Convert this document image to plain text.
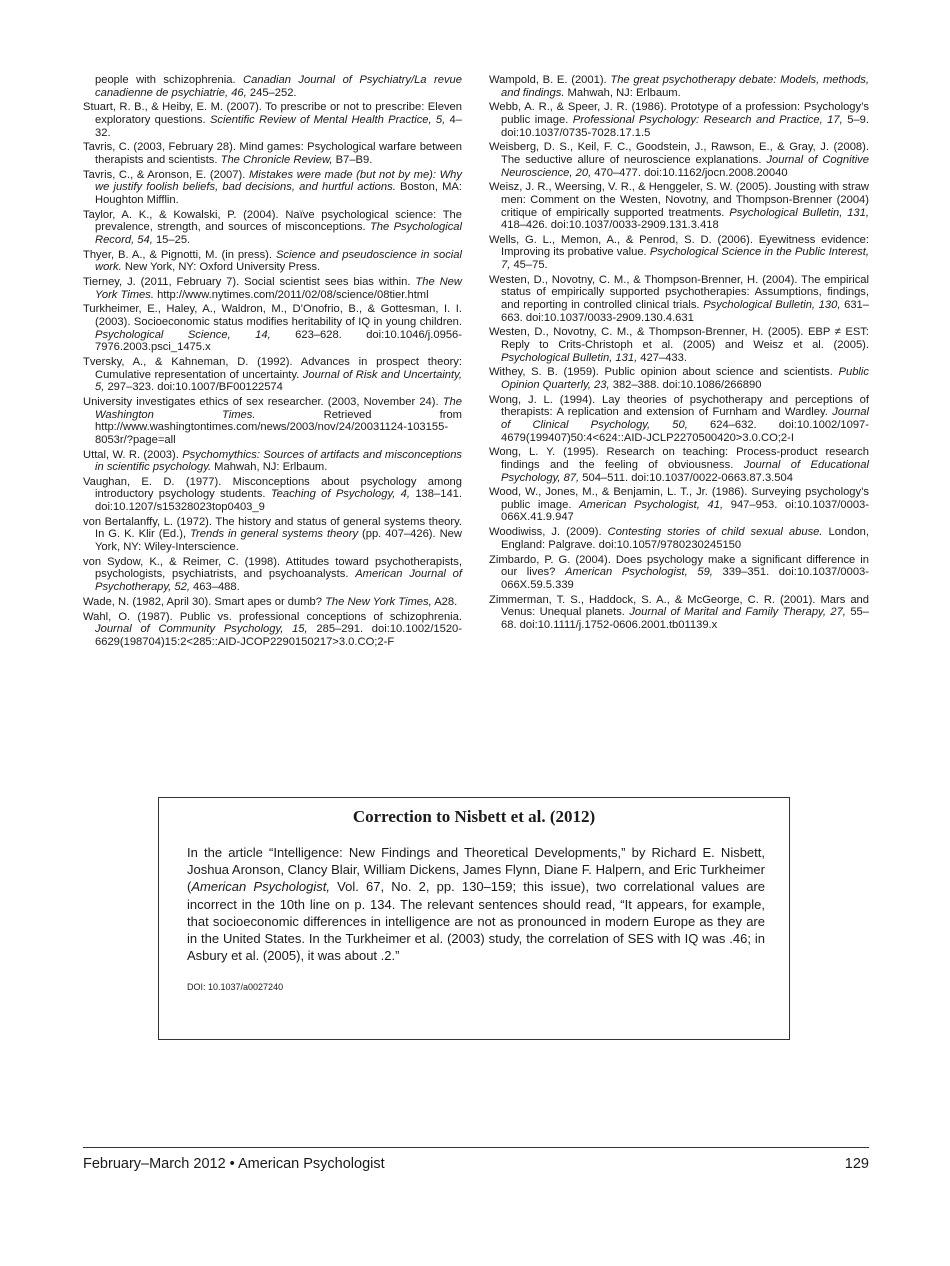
people with schizophrenia. Canadian Journal of Psychiatry/La revue canadienne de psychiatrie, 46, 245–252.

Stuart, R. B., & Heiby, E. M. (2007). To prescribe or not to prescribe: Eleven exploratory questions. Scientific Review of Mental Health Practice, 5, 4–32.

Tavris, C. (2003, February 28). Mind games: Psychological warfare between therapists and scientists. The Chronicle Review, B7–B9.

Tavris, C., & Aronson, E. (2007). Mistakes were made (but not by me): Why we justify foolish beliefs, bad decisions, and hurtful actions. Boston, MA: Houghton Mifflin.

Taylor, A. K., & Kowalski, P. (2004). Naïve psychological science: The prevalence, strength, and sources of misconceptions. The Psychological Record, 54, 15–25.

Thyer, B. A., & Pignotti, M. (in press). Science and pseudoscience in social work. New York, NY: Oxford University Press.

Tierney, J. (2011, February 7). Social scientist sees bias within. The New York Times. http://www.nytimes.com/2011/02/08/science/08tier.html

Turkheimer, E., Haley, A., Waldron, M., D’Onofrio, B., & Gottesman, I. I. (2003). Socioeconomic status modifies heritability of IQ in young children. Psychological Science, 14, 623–628. doi:10.1046/j.0956-7976.2003.psci_1475.x

Tversky, A., & Kahneman, D. (1992). Advances in prospect theory: Cumulative representation of uncertainty. Journal of Risk and Uncertainty, 5, 297–323. doi:10.1007/BF00122574

University investigates ethics of sex researcher. (2003, November 24). The Washington Times. Retrieved from http://www.washingtontimes.com/news/2003/nov/24/20031124-103155-8053r/?page=all

Uttal, W. R. (2003). Psychomythics: Sources of artifacts and misconceptions in scientific psychology. Mahwah, NJ: Erlbaum.

Vaughan, E. D. (1977). Misconceptions about psychology among introductory psychology students. Teaching of Psychology, 4, 138–141. doi:10.1207/s15328023top0403_9

von Bertalanffy, L. (1972). The history and status of general systems theory. In G. K. Klir (Ed.), Trends in general systems theory (pp. 407–426). New York, NY: Wiley-Interscience.

von Sydow, K., & Reimer, C. (1998). Attitudes toward psychotherapists, psychologists, psychiatrists, and psychoanalysts. American Journal of Psychotherapy, 52, 463–488.

Wade, N. (1982, April 30). Smart apes or dumb? The New York Times, A28.

Wahl, O. (1987). Public vs. professional conceptions of schizophrenia. Journal of Community Psychology, 15, 285–291. doi:10.1002/1520-6629(198704)15:2<285::AID-JCOP2290150217>3.0.CO;2-F

Wampold, B. E. (2001). The great psychotherapy debate: Models, methods, and findings. Mahwah, NJ: Erlbaum.

Webb, A. R., & Speer, J. R. (1986). Prototype of a profession: Psychology’s public image. Professional Psychology: Research and Practice, 17, 5–9. doi:10.1037/0735-7028.17.1.5

Weisberg, D. S., Keil, F. C., Goodstein, J., Rawson, E., & Gray, J. (2008). The seductive allure of neuroscience explanations. Journal of Cognitive Neuroscience, 20, 470–477. doi:10.1162/jocn.2008.20040

Weisz, J. R., Weersing, V. R., & Henggeler, S. W. (2005). Jousting with straw men: Comment on the Westen, Novotny, and Thompson-Brenner (2004) critique of empirically supported treatments. Psychological Bulletin, 131, 418–426. doi:10.1037/0033-2909.131.3.418

Wells, G. L., Memon, A., & Penrod, S. D. (2006). Eyewitness evidence: Improving its probative value. Psychological Science in the Public Interest, 7, 45–75.

Westen, D., Novotny, C. M., & Thompson-Brenner, H. (2004). The empirical status of empirically supported psychotherapies: Assumptions, findings, and reporting in controlled clinical trials. Psychological Bulletin, 130, 631–663. doi:10.1037/0033-2909.130.4.631

Westen, D., Novotny, C. M., & Thompson-Brenner, H. (2005). EBP ≠ EST: Reply to Crits-Christoph et al. (2005) and Weisz et al. (2005). Psychological Bulletin, 131, 427–433.

Withey, S. B. (1959). Public opinion about science and scientists. Public Opinion Quarterly, 23, 382–388. doi:10.1086/266890

Wong, J. L. (1994). Lay theories of psychotherapy and perceptions of therapists: A replication and extension of Furnham and Wardley. Journal of Clinical Psychology, 50, 624–632. doi:10.1002/1097-4679(199407)50:4<624::AID-JCLP2270500420>3.0.CO;2-I

Wong, L. Y. (1995). Research on teaching: Process-product research findings and the feeling of obviousness. Journal of Educational Psychology, 87, 504–511. doi:10.1037/0022-0663.87.3.504

Wood, W., Jones, M., & Benjamin, L. T., Jr. (1986). Surveying psychology’s public image. American Psychologist, 41, 947–953. oi:10.1037/0003-066X.41.9.947

Woodiwiss, J. (2009). Contesting stories of child sexual abuse. London, England: Palgrave. doi:10.1057/9780230245150

Zimbardo, P. G. (2004). Does psychology make a significant difference in our lives? American Psychologist, 59, 339–351. doi:10.1037/0003-066X.59.5.339

Zimmerman, T. S., Haddock, S. A., & McGeorge, C. R. (2001). Mars and Venus: Unequal planets. Journal of Marital and Family Therapy, 27, 55–68. doi:10.1111/j.1752-0606.2001.tb01139.x

Correction to Nisbett et al. (2012)
In the article “Intelligence: New Findings and Theoretical Developments,” by Richard E. Nisbett, Joshua Aronson, Clancy Blair, William Dickens, James Flynn, Diane F. Halpern, and Eric Turkheimer (American Psychologist, Vol. 67, No. 2, pp. 130–159; this issue), two correlational values are incorrect in the 10th line on p. 134. The relevant sentences should read, “It appears, for example, that socioeconomic differences in intelligence are not as pronounced in modern Europe as they are in the United States. In the Turkheimer et al. (2003) study, the correlation of SES with IQ was .46; in Asbury et al. (2005), it was about .2.”
DOI: 10.1037/a0027240
February–March 2012 • American Psychologist	129
